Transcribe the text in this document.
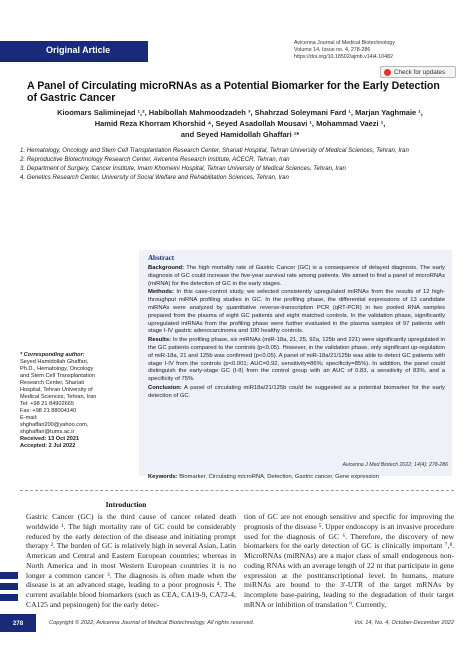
Original Article
Avicenna Journal of Medical Biotechnology
Volume 14, Issue no. 4, 278-286
https://doi.org/10.18502/ajmb.v14i4.10482
Check for updates
A Panel of Circulating microRNAs as a Potential Biomarker for the Early Detection of Gastric Cancer
Kioomars Saliminejad ¹,², Habibollah Mahmoodzadeh ³, Shahrzad Soleymani Fard ¹, Marjan Yaghmaie ¹,
Hamid Reza Khorram Khorshid ⁴, Seyed Asadollah Mousavi ¹, Mohammad Vaezi ¹,
and Seyed Hamidollah Ghaffari ¹*

1. Hematology, Oncology and Stem Cell Transplantation Research Center, Shariati Hospital, Tehran University of Medical Sciences, Tehran, Iran

2. Reproductive Biotechnology Research Center, Avicenna Research Institute, ACECR, Tehran, Iran

3. Department of Surgery, Cancer Institute, Imam Khomeini Hospital, Tehran University of Medical Sciences, Tehran, Iran

4. Genetics Research Center, University of Social Welfare and Rehabilitation Sciences, Tehran, Iran

Abstract

Background: The high mortality rate of Gastric Cancer (GC) is a consequence of delayed diagnosis. The early diagnosis of GC could increase the five-year survival rate among patients. We aimed to find a panel of microRNAs (miRNA) for the detection of GC in the early stages.

Methods: In this case-control study, we selected consistently upregulated miRNAs from the results of 12 high-throughput miRNA profiling studies in GC. In the profiling phase, the differential expressions of 13 candidate miRNAs were analyzed by quantitative reverse-transcription PCR (qRT-PCR) in two pooled RNA samples prepared from the plasma of eight GC patients and eight matched controls. In the validation phase, significantly upregulated miRNAs from the profiling phase were further evaluated in the plasma samples of 97 patients with stage I-IV gastric adenocarcinoma and 100 healthy controls.

Results: In the profiling phase, six miRNAs (miR-18a, 21, 25, 92a, 125b and 221) were significantly upregulated in the GC patients compared to the controls (p<0.05). However, in the validation phase, only significant up-regulation of miR-18a, 21 and 125b was confirmed (p<0.05). A panel of miR-18a/21/125b was able to detect GC patients with stage I-IV from the controls (p<0.001; AUC=0.92, sensitivity=86%; specificity=85%). In addition, the panel could distinguish the early-stage GC (I-II) from the control group with an AUC of 0.83, a sensitivity of 83%, and a specificity of 75%.

Conclusion: A panel of circulating miR18a/21/125b could be suggested as a potential biomarker for the early detection of GC.

Avicenna J Med Biotech 2022; 14(4): 278-286
Keywords: Biomarker, Circulating microRNA, Detection, Gastric cancer, Gene expression
* Corresponding author:
Seyed Hamidollah Ghaffari,
Ph.D., Hematology, Oncology
and Stem Cell Transplantation
Research Center, Shariati
Hospital, Tehran University of
Medical Sciences, Tehran, Iran
Tel: +98 21 84902665
Fax: +98 21 88004140
E-mail:
shghaffari200@yahoo.com,
shghaffari@tums.ac.ir
Received: 13 Oct 2021
Accepted: 2 Jul 2022
Introduction
Gastric Cancer (GC) is the third cause of cancer related death worldwide ¹. The high mortality rate of GC could be considerably reduced by the early detection of the disease and initiating prompt therapy ². The burden of GC is relatively high in several Asian, Latin American and Central and Eastern European countries; whereas in North America and in most Western European countries it is no longer a common cancer ³. The diagnosis is often made when the disease is at an advanced stage, leading to a poor prognosis ⁴. The current available blood biomarkers (such as CEA, CA19-9, CA72-4, CA125 and pepsinogen) for the early detec-
tion of GC are not enough sensitive and specific for improving the prognosis of the disease ⁵. Upper endoscopy is an invasive procedure used for the diagnosis of GC ⁶. Therefore, the discovery of new biomarkers for the early detection of GC is clinically important ⁷,⁸. MicroRNAs (miRNAs) are a major class of small endogenous non-coding RNAs with an average length of 22 nt that participate in gene expression at the posttranscriptional level. In humans, mature miRNAs are bound to the 3'-UTR of the target mRNAs by incomplete base-pairing, leading to the degradation of their target mRNA or inhibition of translation ⁹. Currently,
278	Copyright © 2022, Avicenna Journal of Medical Biotechnology. All rights reserved.	Vol. 14, No. 4, October-December 2022
